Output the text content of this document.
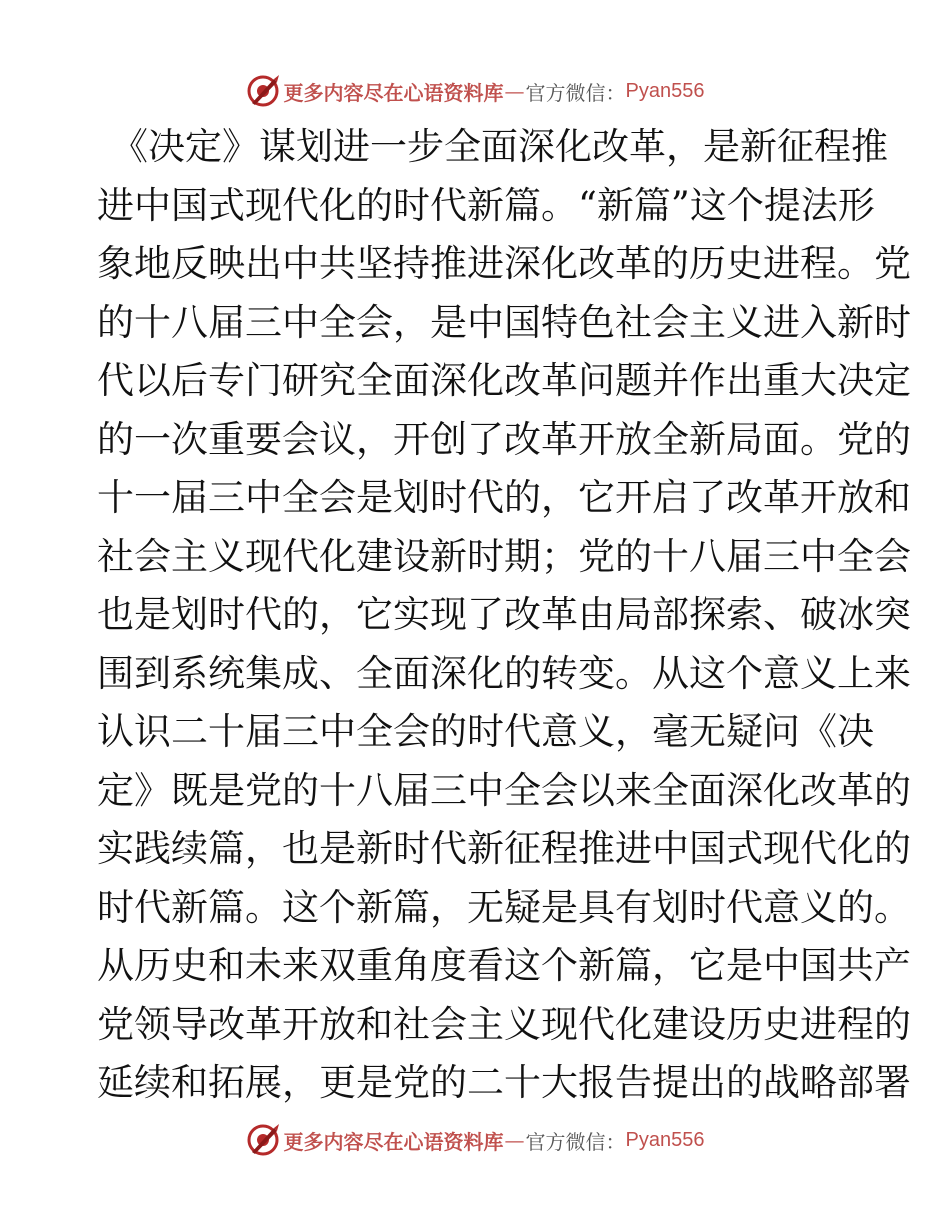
更多内容尽在心语资料库 — 官方微信： Pyan556
《决定》谋划进一步全面深化改革，是新征程推
进中国式现代化的时代新篇。“新篇”这个提法形
象地反映出中共坚持推进深化改革的历史进程。党
的十八届三中全会，是中国特色社会主义进入新时
代以后专门研究全面深化改革问题并作出重大决定
的一次重要会议，开创了改革开放全新局面。党的
十一届三中全会是划时代的，它开启了改革开放和
社会主义现代化建设新时期；党的十八届三中全会
也是划时代的，它实现了改革由局部探索、破冰突
围到系统集成、全面深化的转变。从这个意义上来
认识二十届三中全会的时代意义，毫无疑问《决
定》既是党的十八届三中全会以来全面深化改革的
实践续篇，也是新时代新征程推进中国式现代化的
时代新篇。这个新篇，无疑是具有划时代意义的。
从历史和未来双重角度看这个新篇，它是中国共产
党领导改革开放和社会主义现代化建设历史进程的
延续和拓展，更是党的二十大报告提出的战略部署
更多内容尽在心语资料库 — 官方微信： Pyan556
